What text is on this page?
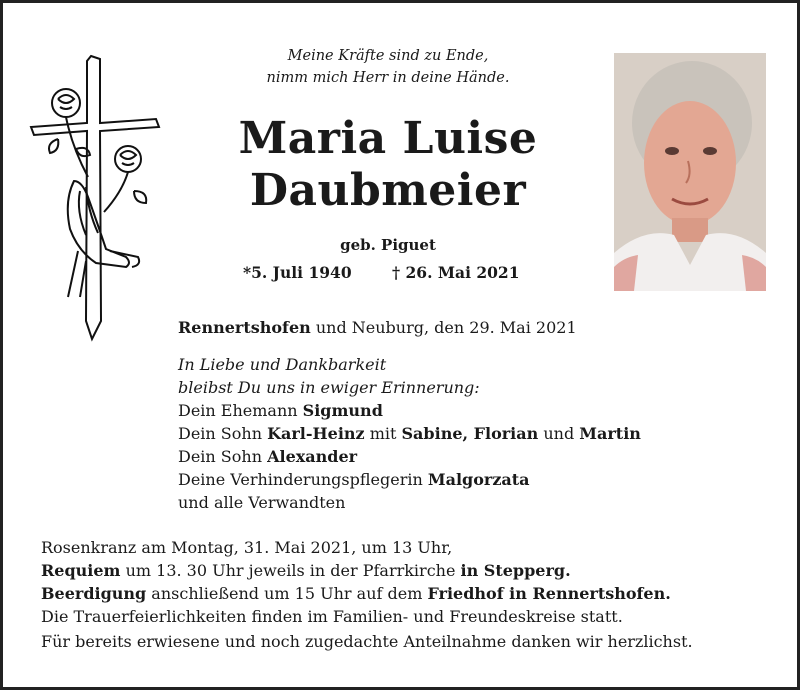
Meine Kräfte sind zu Ende,
nimm mich Herr in deine Hände.
Maria Luise
Daubmeier
geb. Piguet
*5. Juli 1940	† 26. Mai 2021
Rennertshofen und Neuburg, den 29. Mai 2021
In Liebe und Dankbarkeit
bleibst Du uns in ewiger Erinnerung:
Dein Ehemann Sigmund
Dein Sohn Karl-Heinz mit Sabine, Florian und Martin
Dein Sohn Alexander
Deine Verhinderungspflegerin Malgorzata
und alle Verwandten
Rosenkranz am Montag, 31. Mai 2021, um 13 Uhr,
Requiem um 13. 30 Uhr jeweils in der Pfarrkirche in Stepperg.
Beerdigung anschließend um 15 Uhr auf dem Friedhof in Rennertshofen.
Die Trauerfeierlichkeiten finden im Familien- und Freundeskreise statt.
Für bereits erwiesene und noch zugedachte Anteilnahme danken wir herzlichst.
